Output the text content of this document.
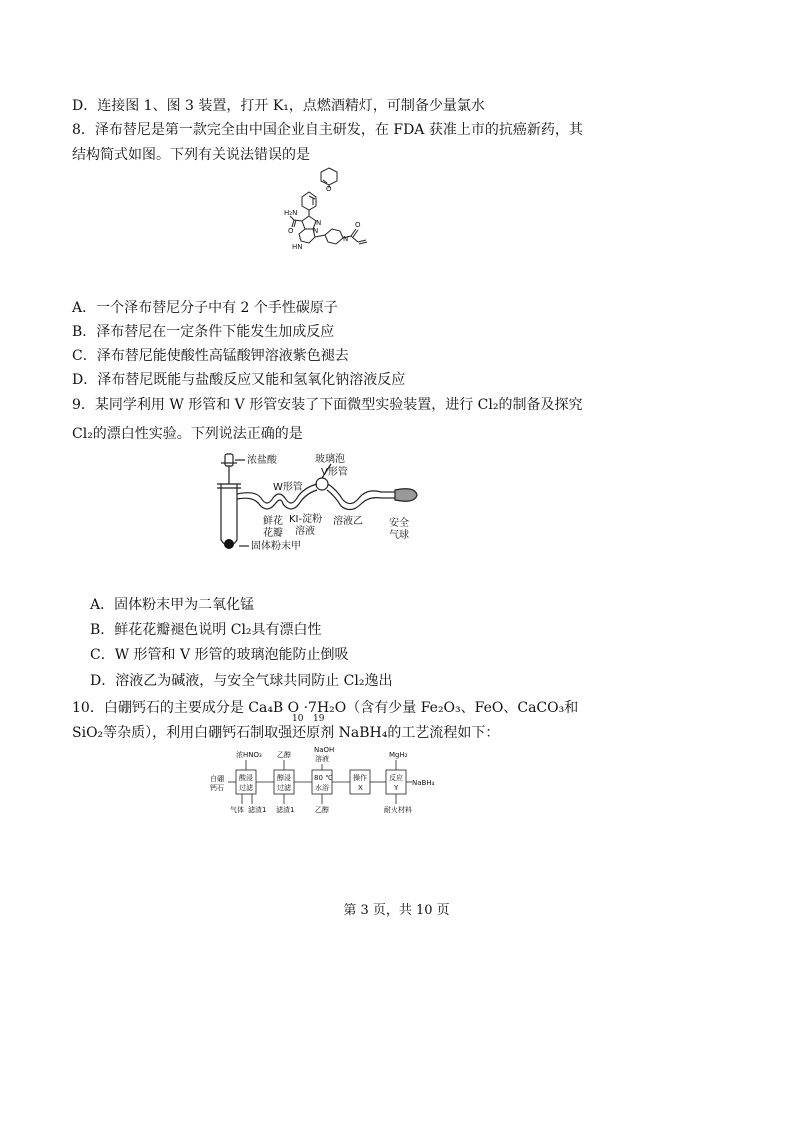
D．连接图 1、图 3 装置，打开 K₁，点燃酒精灯，可制备少量氯水
8．泽布替尼是第一款完全由中国企业自主研发，在 FDA 获准上市的抗癌新药，其
结构简式如图。下列有关说法错误的是
H₂N
O
O
N
N
N
HN
O
A．一个泽布替尼分子中有 2 个手性碳原子
B．泽布替尼在一定条件下能发生加成反应
C．泽布替尼能使酸性高锰酸钾溶液紫色褪去
D．泽布替尼既能与盐酸反应又能和氢氧化钠溶液反应
9．某同学利用 W 形管和 V 形管安装了下面微型实验装置，进行 Cl₂的制备及探究
Cl₂的漂白性实验。下列说法正确的是
浓盐酸	玻璃泡
W形管
V形管
鲜花
花瓣
KI-淀粉
溶液
溶液乙	安全
气球
固体粉末甲
A．固体粉末甲为二氧化锰
B．鲜花花瓣褪色说明 Cl₂具有漂白性
C．W 形管和 V 形管的玻璃泡能防止倒吸
D．溶液乙为碱液，与安全气球共同防止 Cl₂逸出
10．白硼钙石的主要成分是 Ca₄B O ·7H₂O（含有少量 Fe₂O₃、FeO、CaCO₃和
10 19
SiO₂等杂质），利用白硼钙石制取强还原剂 NaBH₄的工艺流程如下：
白硼
钙石
浓HNO₃ 乙醇
NaOH
溶液	MgH₂
酸浸
过滤
醇浸
过滤
80 ℃
水浴
操作
X
反应
Y
NaBH₄
气体 滤渣1 滤渣1	乙醇	耐火材料
第 3 页，共 10 页
